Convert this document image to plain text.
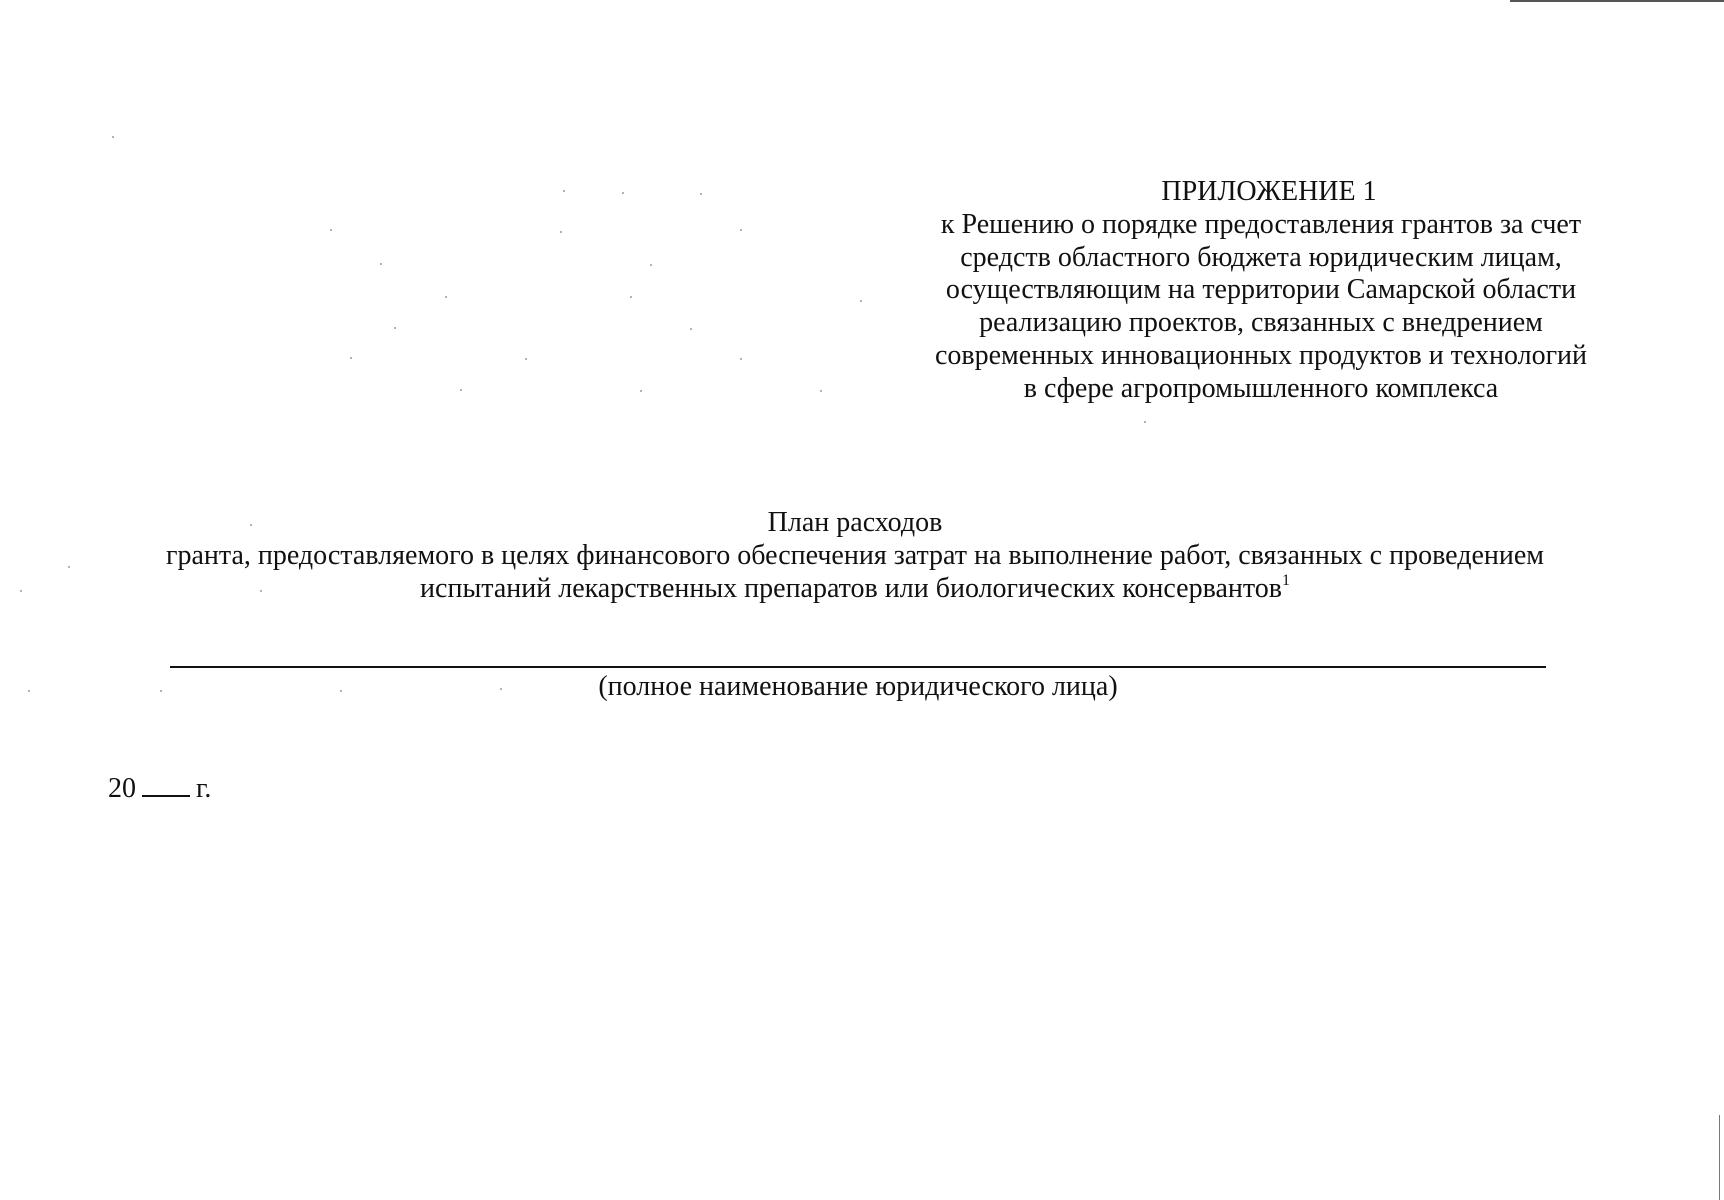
ПРИЛОЖЕНИЕ 1
к Решению о порядке предоставления грантов за счет
средств областного бюджета юридическим лицам,
осуществляющим на территории Самарской области
реализацию проектов, связанных с внедрением
современных инновационных продуктов и технологий
в сфере агропромышленного комплекса
План расходов
гранта, предоставляемого в целях финансового обеспечения затрат на выполнение работ, связанных с проведением
испытаний лекарственных препаратов или биологических консервантов$^1$
(полное наименование юридического лица)
20 г.
